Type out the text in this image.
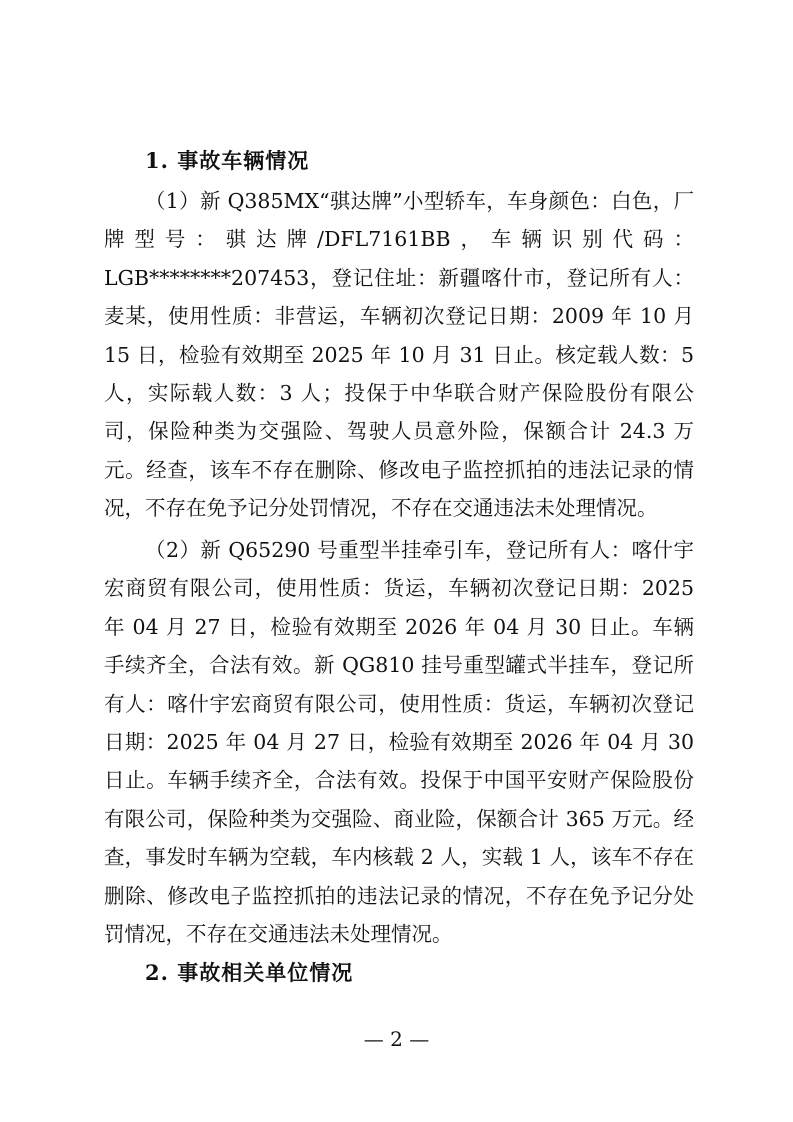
1. 事故车辆情况

（1）新 Q385MX“骐达牌”小型轿车，车身颜色：白色，厂牌型号：骐达牌/DFL7161BB，车辆识别代码：LGB********207453，登记住址：新疆喀什市，登记所有人：麦某，使用性质：非营运，车辆初次登记日期：2009 年 10 月 15 日，检验有效期至 2025 年 10 月 31 日止。核定载人数：5 人，实际载人数：3 人；投保于中华联合财产保险股份有限公司，保险种类为交强险、驾驶人员意外险，保额合计 24.3 万元。经查，该车不存在删除、修改电子监控抓拍的违法记录的情况，不存在免予记分处罚情况，不存在交通违法未处理情况。

（2）新 Q65290 号重型半挂牵引车，登记所有人：喀什宇宏商贸有限公司，使用性质：货运，车辆初次登记日期：2025 年 04 月 27 日，检验有效期至 2026 年 04 月 30 日止。车辆手续齐全，合法有效。新 QG810 挂号重型罐式半挂车，登记所有人：喀什宇宏商贸有限公司，使用性质：货运，车辆初次登记日期：2025 年 04 月 27 日，检验有效期至 2026 年 04 月 30 日止。车辆手续齐全，合法有效。投保于中国平安财产保险股份有限公司，保险种类为交强险、商业险，保额合计 365 万元。经查，事发时车辆为空载，车内核载 2 人，实载 1 人，该车不存在删除、修改电子监控抓拍的违法记录的情况，不存在免予记分处罚情况，不存在交通违法未处理情况。

2. 事故相关单位情况
— 2 —
